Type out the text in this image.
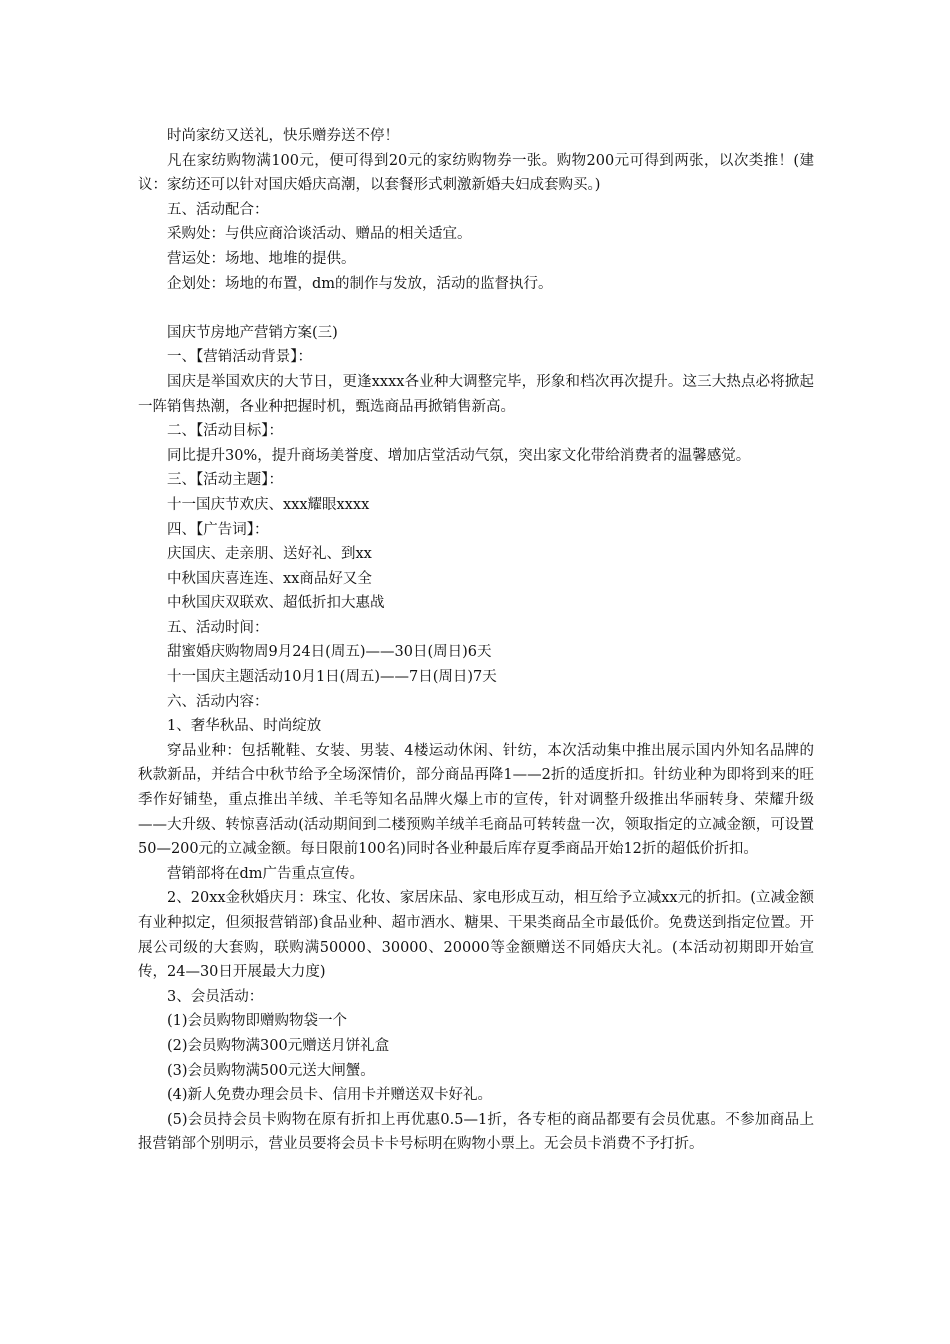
时尚家纺又送礼，快乐赠券送不停！

凡在家纺购物满100元，便可得到20元的家纺购物券一张。购物200元可得到两张，以次类推！(建议：家纺还可以针对国庆婚庆高潮，以套餐形式刺激新婚夫妇成套购买。)

五、活动配合：

采购处：与供应商洽谈活动、赠品的相关适宜。

营运处：场地、地堆的提供。

企划处：场地的布置，dm的制作与发放，活动的监督执行。

国庆节房地产营销方案(三)

一、【营销活动背景】：

国庆是举国欢庆的大节日，更逢xxxx各业种大调整完毕，形象和档次再次提升。这三大热点必将掀起一阵销售热潮，各业种把握时机，甄选商品再掀销售新高。

二、【活动目标】：

同比提升30%，提升商场美誉度、增加店堂活动气氛，突出家文化带给消费者的温馨感觉。

三、【活动主题】：

十一国庆节欢庆、xxx耀眼xxxx

四、【广告词】：

庆国庆、走亲朋、送好礼、到xx

中秋国庆喜连连、xx商品好又全

中秋国庆双联欢、超低折扣大惠战

五、活动时间：

甜蜜婚庆购物周9月24日(周五)——30日(周日)6天

十一国庆主题活动10月1日(周五)——7日(周日)7天

六、活动内容：

1、奢华秋品、时尚绽放

穿品业种：包括靴鞋、女装、男装、4楼运动休闲、针纺，本次活动集中推出展示国内外知名品牌的秋款新品，并结合中秋节给予全场深情价，部分商品再降1——2折的适度折扣。针纺业种为即将到来的旺季作好铺垫，重点推出羊绒、羊毛等知名品牌火爆上市的宣传，针对调整升级推出华丽转身、荣耀升级——大升级、转惊喜活动(活动期间到二楼预购羊绒羊毛商品可转转盘一次，领取指定的立减金额，可设置50—200元的立减金额。每日限前100名)同时各业种最后库存夏季商品开始12折的超低价折扣。

营销部将在dm广告重点宣传。

2、20xx金秋婚庆月：珠宝、化妆、家居床品、家电形成互动，相互给予立减xx元的折扣。(立减金额有业种拟定，但须报营销部)食品业种、超市酒水、糖果、干果类商品全市最低价。免费送到指定位置。开展公司级的大套购，联购满50000、30000、20000等金额赠送不同婚庆大礼。(本活动初期即开始宣传，24—30日开展最大力度)

3、会员活动：

(1)会员购物即赠购物袋一个

(2)会员购物满300元赠送月饼礼盒

(3)会员购物满500元送大闸蟹。

(4)新人免费办理会员卡、信用卡并赠送双卡好礼。

(5)会员持会员卡购物在原有折扣上再优惠0.5—1折，各专柜的商品都要有会员优惠。不参加商品上报营销部个别明示，营业员要将会员卡卡号标明在购物小票上。无会员卡消费不予打折。
